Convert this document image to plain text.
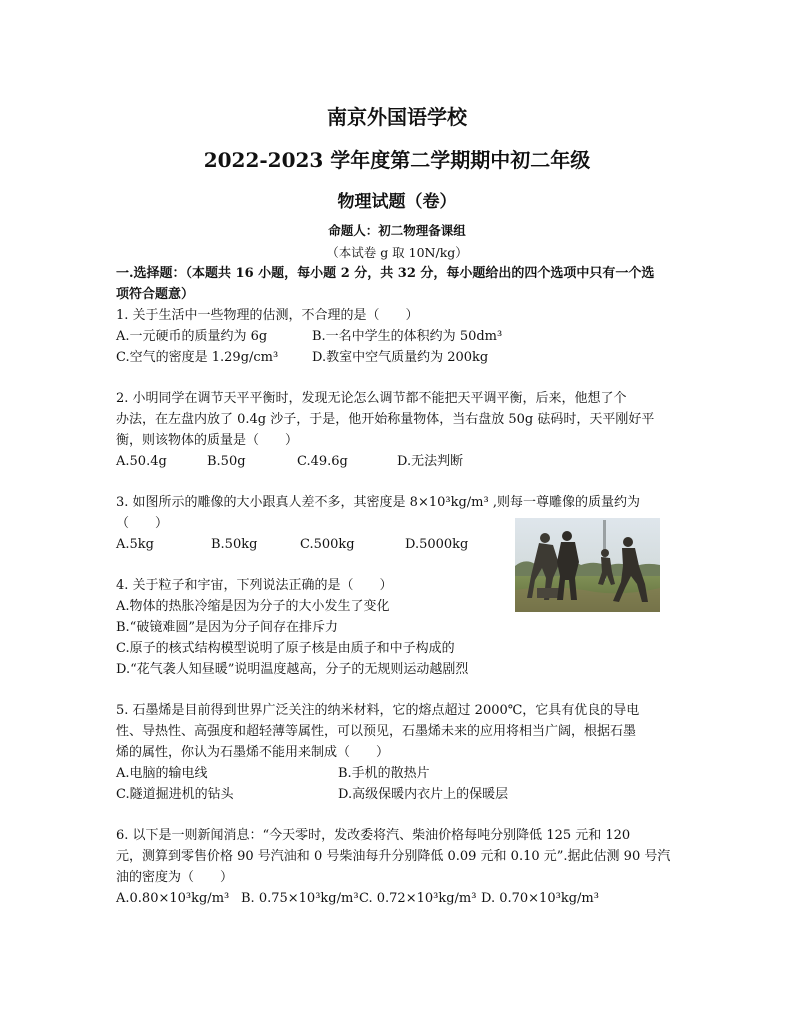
南京外国语学校
2022-2023 学年度第二学期期中初二年级
物理试题（卷）
命题人：初二物理备课组
（本试卷 g 取 10N/kg）
一.选择题：（本题共 16 小题，每小题 2 分，共 32 分，每小题给出的四个选项中只有一个选
项符合题意）
1. 关于生活中一些物理的估测，不合理的是（　　）
A.一元硬币的质量约为 6g	B.一名中学生的体积约为 50dm³
C.空气的密度是 1.29g/cm³	D.教室中空气质量约为 200kg
2. 小明同学在调节天平平衡时，发现无论怎么调节都不能把天平调平衡，后来，他想了个
办法，在左盘内放了 0.4g 沙子，于是，他开始称量物体，当右盘放 50g 砝码时，天平刚好平
衡，则该物体的质量是（　　）
A.50.4g	B.50g	C.49.6g	D.无法判断
3. 如图所示的雕像的大小跟真人差不多，其密度是 8×10³kg/m³ ,则每一尊雕像的质量约为
（　　）
A.5kg	B.50kg	C.500kg	D.5000kg
4. 关于粒子和宇宙，下列说法正确的是（　　）
A.物体的热胀冷缩是因为分子的大小发生了变化
B.“破镜难圆”是因为分子间存在排斥力
C.原子的核式结构模型说明了原子核是由质子和中子构成的
D.“花气袭人知昼暖”说明温度越高，分子的无规则运动越剧烈
5. 石墨烯是目前得到世界广泛关注的纳米材料，它的熔点超过 2000℃，它具有优良的导电
性、导热性、高强度和超轻薄等属性，可以预见，石墨烯未来的应用将相当广阔，根据石墨
烯的属性，你认为石墨烯不能用来制成（　　）
A.电脑的输电线	B.手机的散热片
C.隧道掘进机的钻头	D.高级保暖内衣片上的保暖层
6. 以下是一则新闻消息：“今天零时，发改委将汽、柴油价格每吨分别降低 125 元和 120
元，测算到零售价格 90 号汽油和 0 号柴油每升分别降低 0.09 元和 0.10 元”.据此估测 90 号汽
油的密度为（　　）
A.0.80×10³kg/m³ B. 0.75×10³kg/m³ C. 0.72×10³kg/m³ D. 0.70×10³kg/m³
